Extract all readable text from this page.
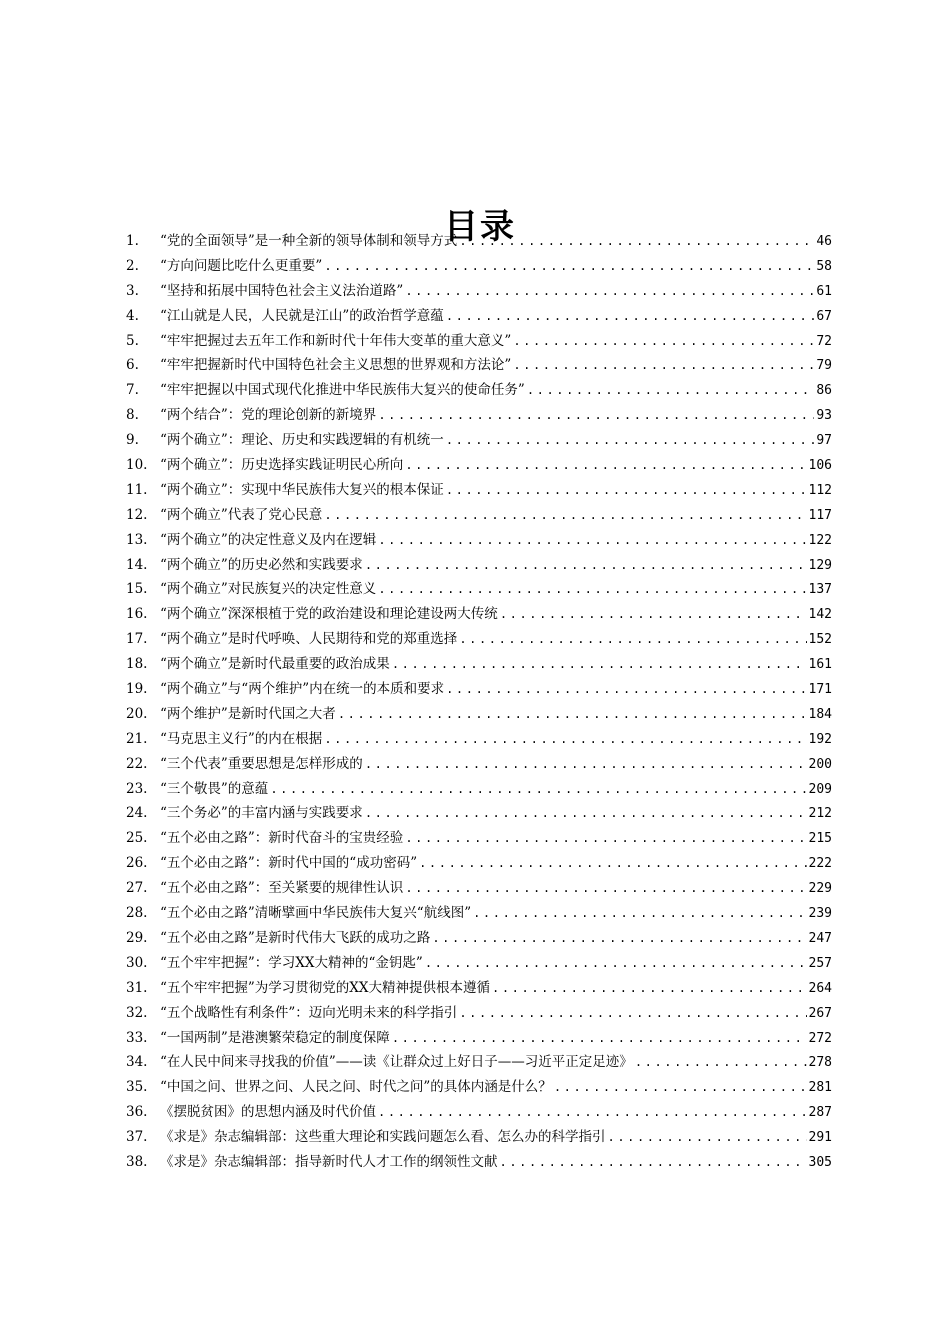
目录
1.	“党的全面领导”是一种全新的领导体制和领导方式 .....	46
2.	“方向问题比吃什么更重要” .....	58
3.	“坚持和拓展中国特色社会主义法治道路” .....	61
4.	“江山就是人民，人民就是江山”的政治哲学意蕴 .....	67
5.	“牢牢把握过去五年工作和新时代十年伟大变革的重大意义” .....	72
6.	“牢牢把握新时代中国特色社会主义思想的世界观和方法论” .....	79
7.	“牢牢把握以中国式现代化推进中华民族伟大复兴的使命任务” .....	86
8.	“两个结合”：党的理论创新的新境界 .....	93
9.	“两个确立”：理论、历史和实践逻辑的有机统一 .....	97
10. “两个确立”：历史选择实践证明民心所向 .....	106
11. “两个确立”：实现中华民族伟大复兴的根本保证 .....	112
12. “两个确立”代表了党心民意 .....	117
13. “两个确立”的决定性意义及内在逻辑 .....	122
14. “两个确立”的历史必然和实践要求 .....	129
15. “两个确立”对民族复兴的决定性意义 .....	137
16. “两个确立”深深根植于党的政治建设和理论建设两大传统 .....	142
17. “两个确立”是时代呼唤、人民期待和党的郑重选择 .....	152
18. “两个确立”是新时代最重要的政治成果 .....	161
19. “两个确立”与“两个维护”内在统一的本质和要求 .....	171
20. “两个维护”是新时代国之大者 .....	184
21. “马克思主义行”的内在根据 .....	192
22. “三个代表”重要思想是怎样形成的 .....	200
23. “三个敬畏”的意蕴 .....	209
24. “三个务必”的丰富内涵与实践要求 .....	212
25. “五个必由之路”：新时代奋斗的宝贵经验 .....	215
26. “五个必由之路”：新时代中国的“成功密码” .....	222
27. “五个必由之路”：至关紧要的规律性认识 .....	229
28. “五个必由之路”清晰擘画中华民族伟大复兴“航线图” .....	239
29. “五个必由之路”是新时代伟大飞跃的成功之路 .....	247
30. “五个牢牢把握”：学习XX大精神的“金钥匙” .....	257
31. “五个牢牢把握”为学习贯彻党的XX大精神提供根本遵循 .....	264
32. “五个战略性有利条件”：迈向光明未来的科学指引 .....	267
33. “一国两制”是港澳繁荣稳定的制度保障 .....	272
34. “在人民中间来寻找我的价值”——读《让群众过上好日子——习近平正定足迹》 .....	278
35. “中国之问、世界之问、人民之问、时代之问”的具体内涵是什么？ .....	281
36. 《摆脱贫困》的思想内涵及时代价值 .....	287
37. 《求是》杂志编辑部：这些重大理论和实践问题怎么看、怎么办的科学指引 .....	291
38. 《求是》杂志编辑部：指导新时代人才工作的纲领性文献 .....	305
